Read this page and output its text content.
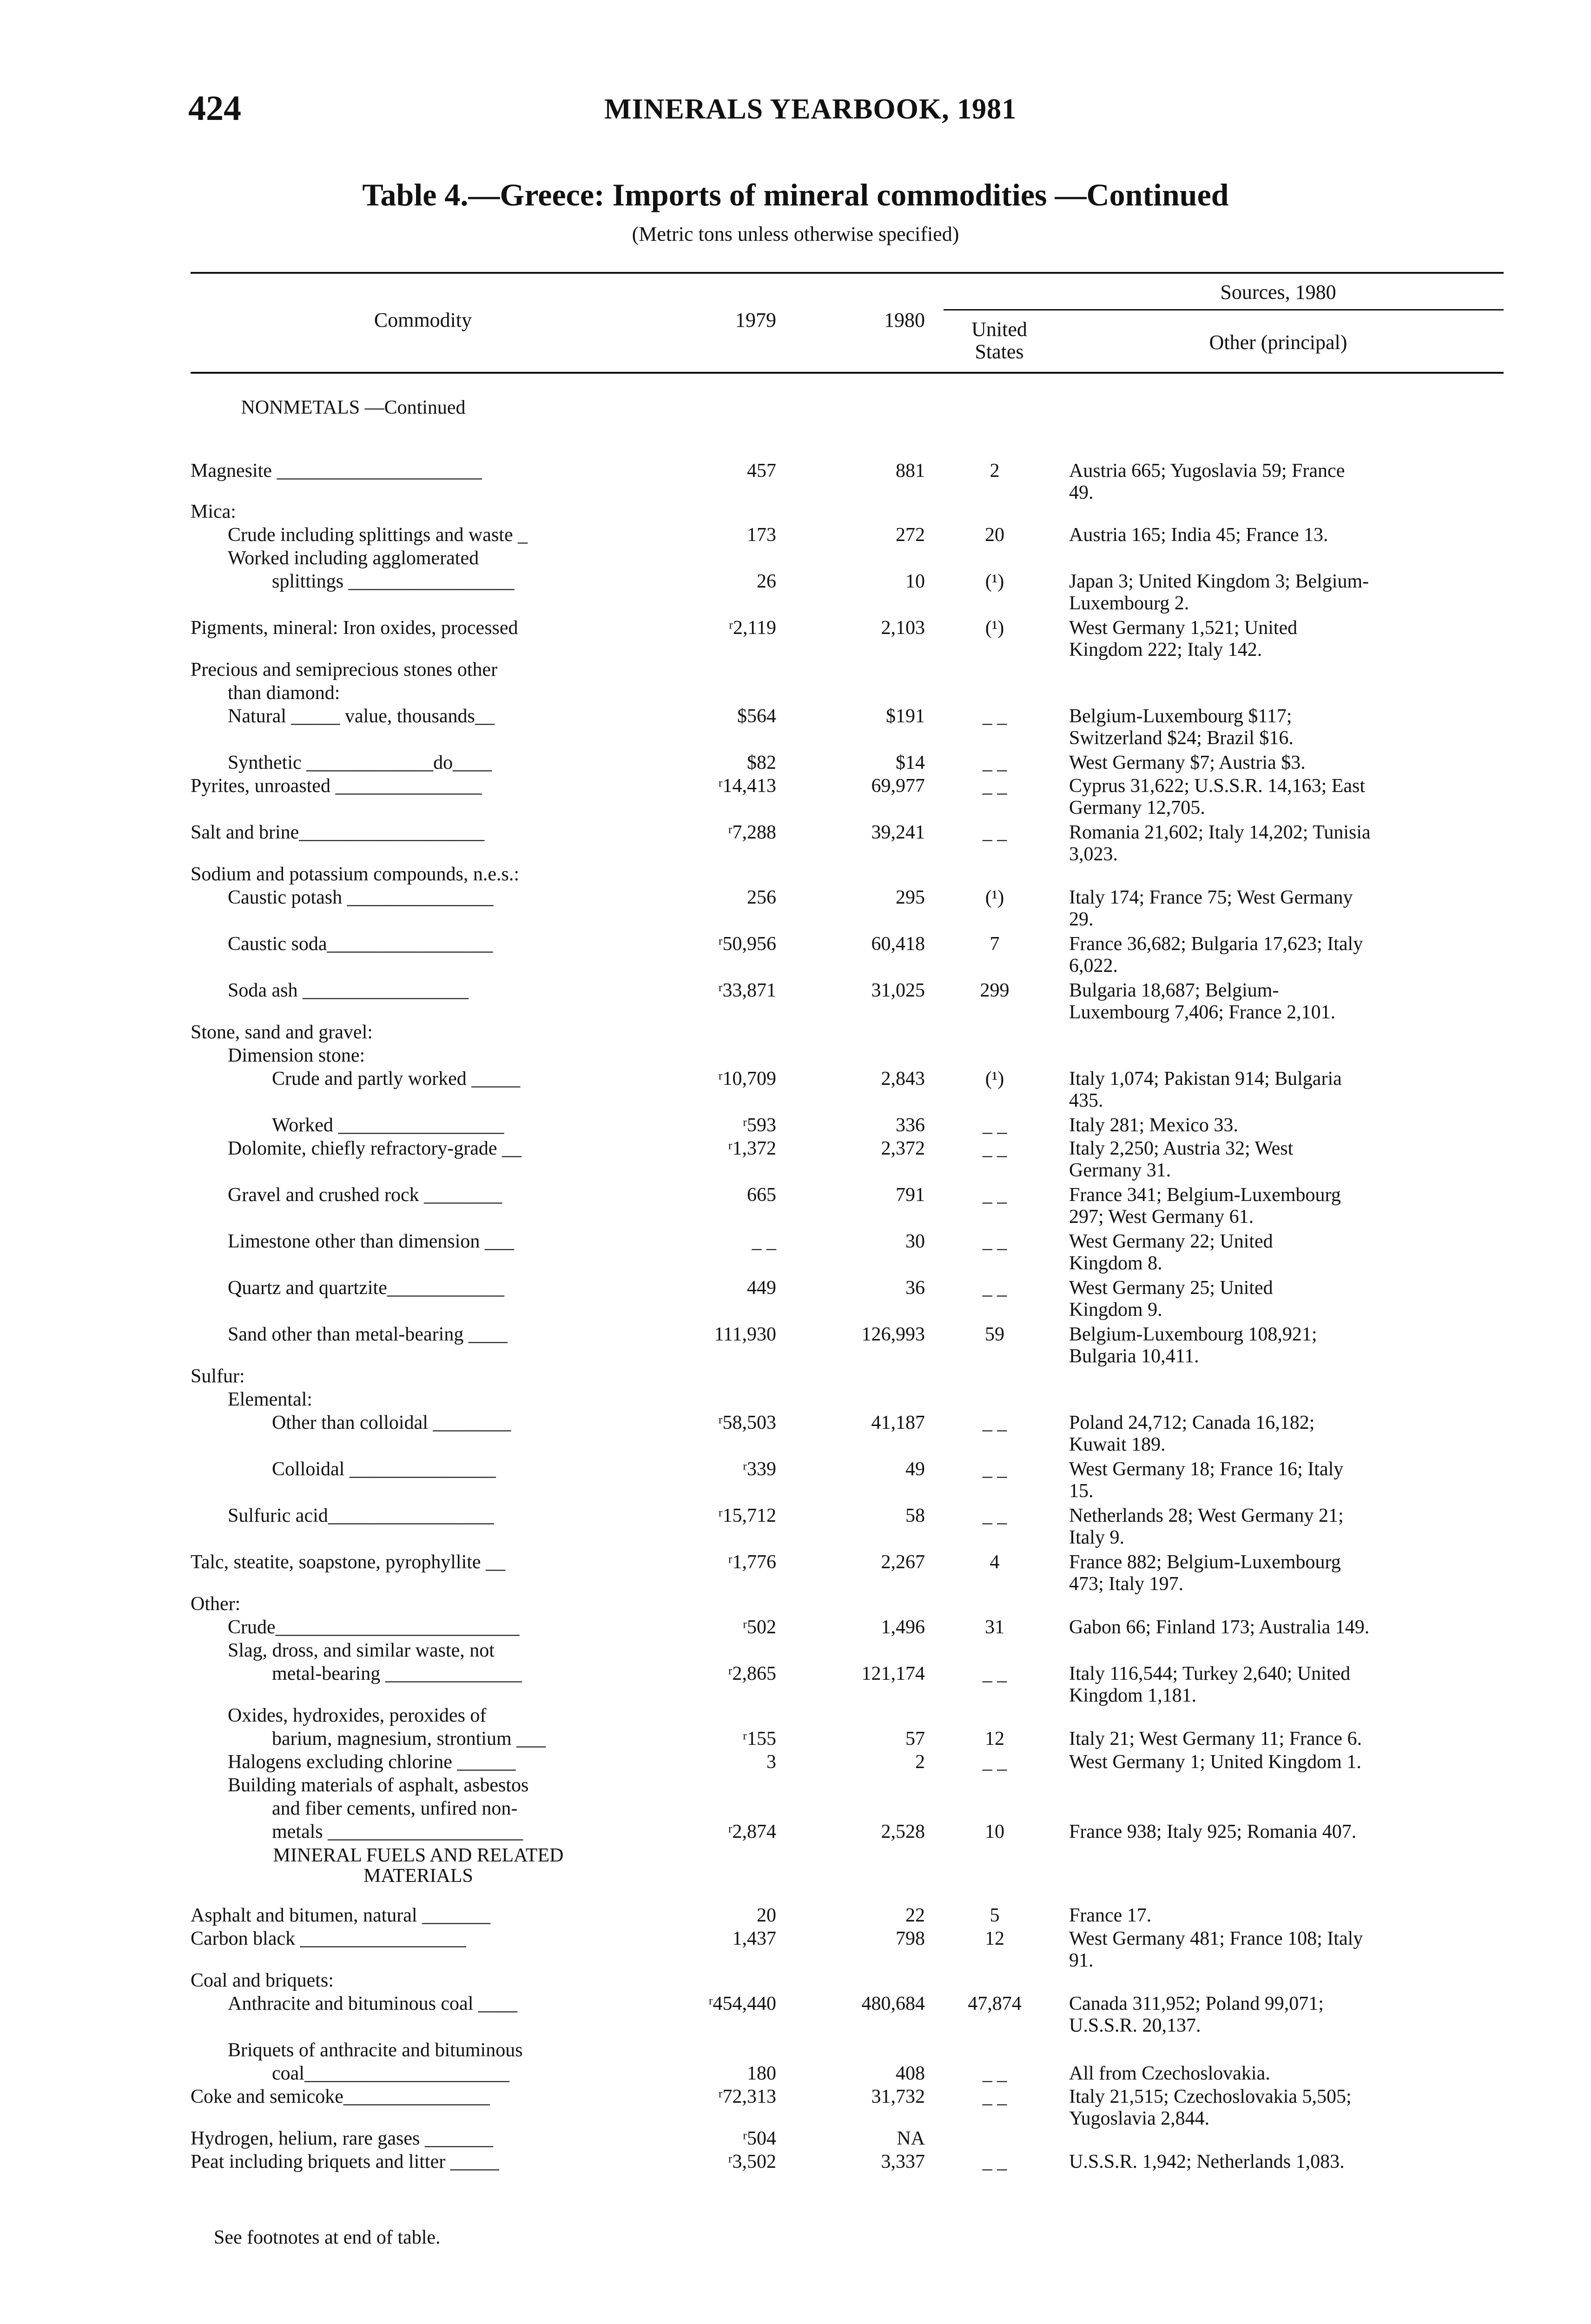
424	MINERALS YEARBOOK, 1981
Table 4.—Greece: Imports of mineral commodities —Continued
(Metric tons unless otherwise specified)
Commodity	1979	1980
Sources, 1980
United
States	Other (principal)
NONMETALS —Continued
Magnesite _____________________	457	881	2	Austria 665; Yugoslavia 59; France
49.
Mica:
Crude including splittings and waste _	173	272	20	Austria 165; India 45; France 13.
Worked including agglomerated
splittings _________________	26	10	(¹)	Japan 3; United Kingdom 3; Belgium-
Luxembourg 2.
Pigments, mineral: Iron oxides, processed	ʳ2,119	2,103	(¹)	West Germany 1,521; United
Kingdom 222; Italy 142.
Precious and semiprecious stones other
than diamond:
Natural _____ value, thousands__	$564	$191	_ _	Belgium-Luxembourg $117;
Switzerland $24; Brazil $16.
Synthetic _____________do____	$82	$14	_ _	West Germany $7; Austria $3.
Pyrites, unroasted _______________	ʳ14,413	69,977	_ _	Cyprus 31,622; U.S.S.R. 14,163; East
Germany 12,705.
Salt and brine___________________	ʳ7,288	39,241	_ _	Romania 21,602; Italy 14,202; Tunisia
3,023.
Sodium and potassium compounds, n.e.s.:
Caustic potash _______________	256	295	(¹)	Italy 174; France 75; West Germany
29.
Caustic soda_________________	ʳ50,956	60,418	7	France 36,682; Bulgaria 17,623; Italy
6,022.
Soda ash _________________	ʳ33,871	31,025	299	Bulgaria 18,687; Belgium-
Luxembourg 7,406; France 2,101.
Stone, sand and gravel:
Dimension stone:
Crude and partly worked _____	ʳ10,709	2,843	(¹)	Italy 1,074; Pakistan 914; Bulgaria
435.
Worked _________________	ʳ593	336	_ _	Italy 281; Mexico 33.
Dolomite, chiefly refractory-grade __	ʳ1,372	2,372	_ _	Italy 2,250; Austria 32; West
Germany 31.
Gravel and crushed rock ________	665	791	_ _	France 341; Belgium-Luxembourg
297; West Germany 61.
Limestone other than dimension ___	_ _	30	_ _	West Germany 22; United
Kingdom 8.
Quartz and quartzite____________	449	36	_ _	West Germany 25; United
Kingdom 9.
Sand other than metal-bearing ____	111,930	126,993	59	Belgium-Luxembourg 108,921;
Bulgaria 10,411.
Sulfur:
Elemental:
Other than colloidal ________	ʳ58,503	41,187	_ _	Poland 24,712; Canada 16,182;
Kuwait 189.
Colloidal _______________	ʳ339	49	_ _	West Germany 18; France 16; Italy
15.
Sulfuric acid_________________	ʳ15,712	58	_ _	Netherlands 28; West Germany 21;
Italy 9.
Talc, steatite, soapstone, pyrophyllite __	ʳ1,776	2,267	4	France 882; Belgium-Luxembourg
473; Italy 197.
Other:
Crude_________________________	ʳ502	1,496	31	Gabon 66; Finland 173; Australia 149.
Slag, dross, and similar waste, not
metal-bearing ______________	ʳ2,865	121,174	_ _	Italy 116,544; Turkey 2,640; United
Kingdom 1,181.
Oxides, hydroxides, peroxides of
barium, magnesium, strontium ___	ʳ155	57	12	Italy 21; West Germany 11; France 6.
Halogens excluding chlorine ______	3	2	_ _	West Germany 1; United Kingdom 1.
Building materials of asphalt, asbestos
and fiber cements, unfired non-
metals ____________________	ʳ2,874	2,528	10	France 938; Italy 925; Romania 407.
MINERAL FUELS AND RELATED
MATERIALS
Asphalt and bitumen, natural _______	20	22	5	France 17.
Carbon black _________________	1,437	798	12	West Germany 481; France 108; Italy
91.
Coal and briquets:
Anthracite and bituminous coal ____	ʳ454,440	480,684	47,874	Canada 311,952; Poland 99,071;
U.S.S.R. 20,137.
Briquets of anthracite and bituminous
coal_____________________	180	408	_ _	All from Czechoslovakia.
Coke and semicoke_______________	ʳ72,313	31,732	_ _	Italy 21,515; Czechoslovakia 5,505;
Yugoslavia 2,844.
Hydrogen, helium, rare gases _______	ʳ504	NA
Peat including briquets and litter _____	ʳ3,502	3,337	_ _	U.S.S.R. 1,942; Netherlands 1,083.
See footnotes at end of table.
